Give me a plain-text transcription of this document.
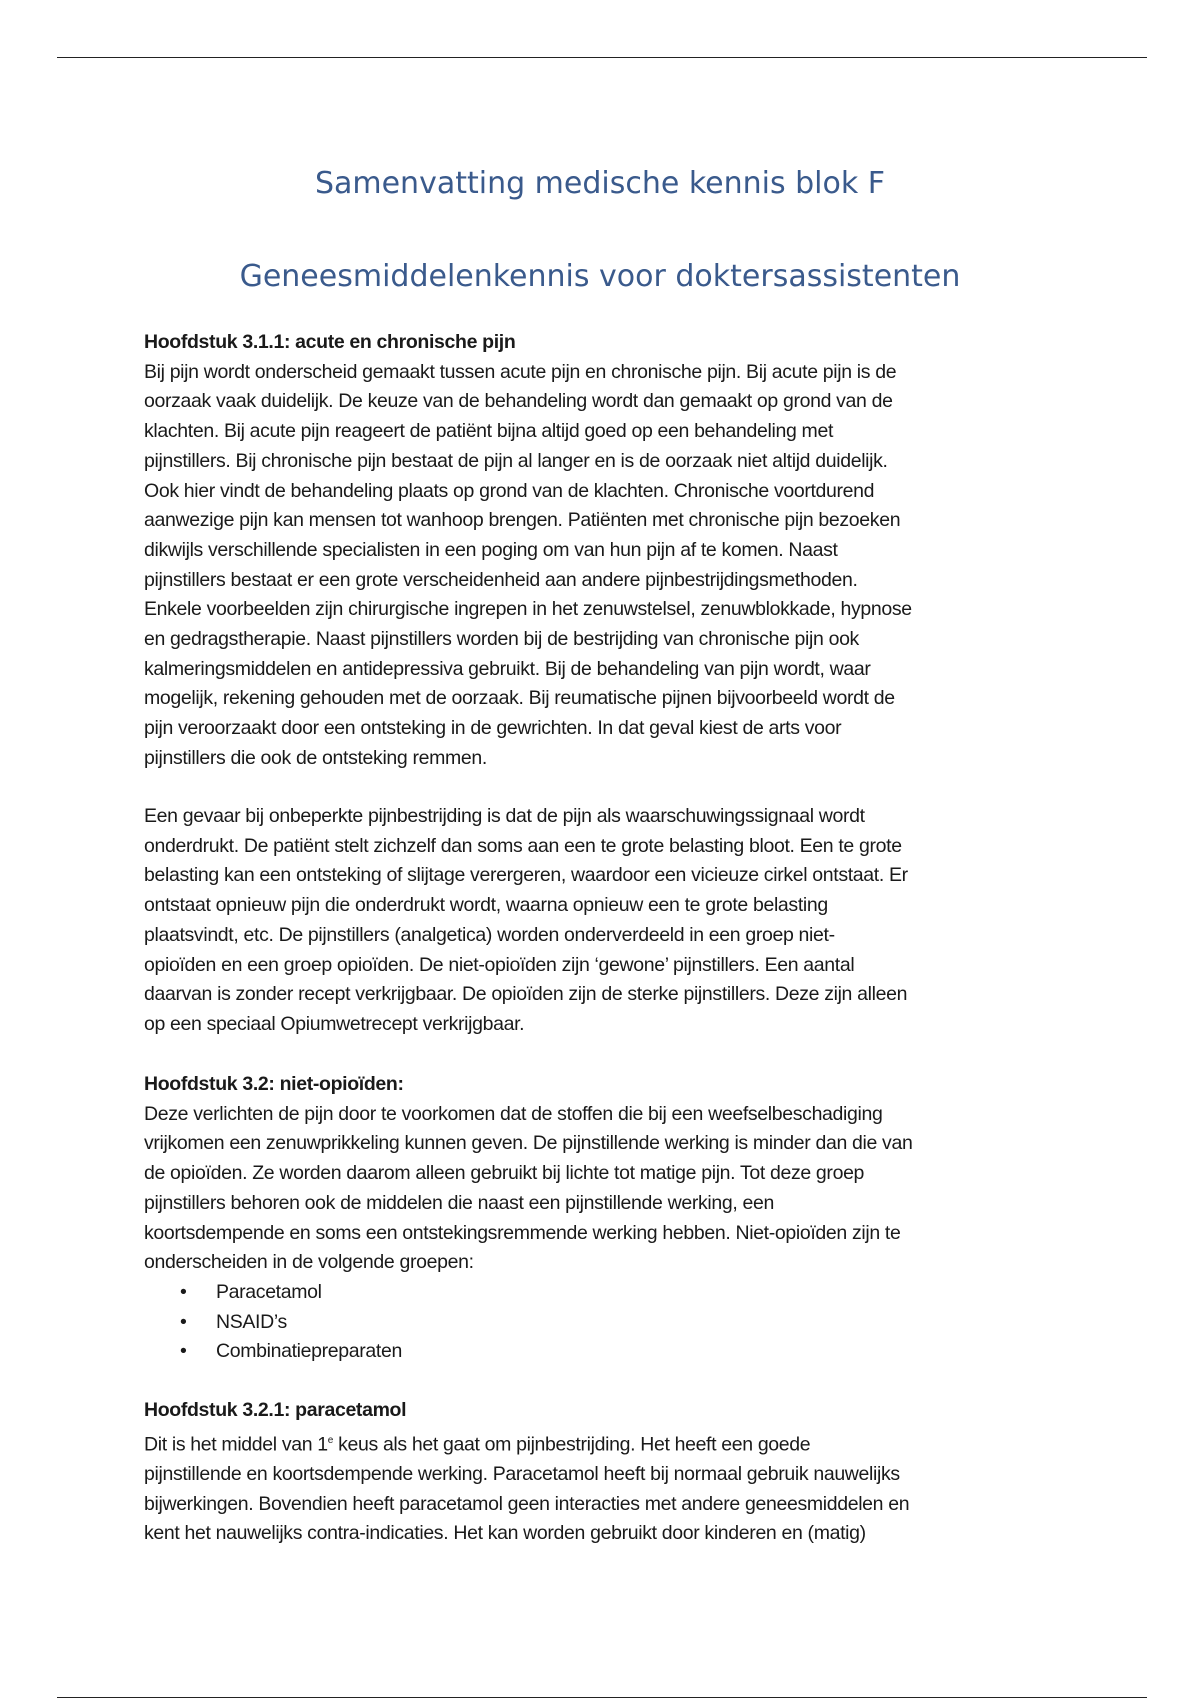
Samenvatting medische kennis blok F
Geneesmiddelenkennis voor doktersassistenten
Hoofdstuk 3.1.1: acute en chronische pijn
Bij pijn wordt onderscheid gemaakt tussen acute pijn en chronische pijn. Bij acute pijn is de
oorzaak vaak duidelijk. De keuze van de behandeling wordt dan gemaakt op grond van de
klachten. Bij acute pijn reageert de patiënt bijna altijd goed op een behandeling met
pijnstillers. Bij chronische pijn bestaat de pijn al langer en is de oorzaak niet altijd duidelijk.
Ook hier vindt de behandeling plaats op grond van de klachten. Chronische voortdurend
aanwezige pijn kan mensen tot wanhoop brengen. Patiënten met chronische pijn bezoeken
dikwijls verschillende specialisten in een poging om van hun pijn af te komen. Naast
pijnstillers bestaat er een grote verscheidenheid aan andere pijnbestrijdingsmethoden.
Enkele voorbeelden zijn chirurgische ingrepen in het zenuwstelsel, zenuwblokkade, hypnose
en gedragstherapie. Naast pijnstillers worden bij de bestrijding van chronische pijn ook
kalmeringsmiddelen en antidepressiva gebruikt. Bij de behandeling van pijn wordt, waar
mogelijk, rekening gehouden met de oorzaak. Bij reumatische pijnen bijvoorbeeld wordt de
pijn veroorzaakt door een ontsteking in de gewrichten. In dat geval kiest de arts voor
pijnstillers die ook de ontsteking remmen.
Een gevaar bij onbeperkte pijnbestrijding is dat de pijn als waarschuwingssignaal wordt
onderdrukt. De patiënt stelt zichzelf dan soms aan een te grote belasting bloot. Een te grote
belasting kan een ontsteking of slijtage verergeren, waardoor een vicieuze cirkel ontstaat. Er
ontstaat opnieuw pijn die onderdrukt wordt, waarna opnieuw een te grote belasting
plaatsvindt, etc. De pijnstillers (analgetica) worden onderverdeeld in een groep niet-
opioïden en een groep opioïden. De niet-opioïden zijn ‘gewone’ pijnstillers. Een aantal
daarvan is zonder recept verkrijgbaar. De opioïden zijn de sterke pijnstillers. Deze zijn alleen
op een speciaal Opiumwetrecept verkrijgbaar.
Hoofdstuk 3.2: niet-opioïden:
Deze verlichten de pijn door te voorkomen dat de stoffen die bij een weefselbeschadiging
vrijkomen een zenuwprikkeling kunnen geven. De pijnstillende werking is minder dan die van
de opioïden. Ze worden daarom alleen gebruikt bij lichte tot matige pijn. Tot deze groep
pijnstillers behoren ook de middelen die naast een pijnstillende werking, een
koortsdempende en soms een ontstekingsremmende werking hebben. Niet-opioïden zijn te
onderscheiden in de volgende groepen:
• Paracetamol
• NSAID’s
• Combinatiepreparaten
Hoofdstuk 3.2.1: paracetamol
Dit is het middel van 1e keus als het gaat om pijnbestrijding. Het heeft een goede
pijnstillende en koortsdempende werking. Paracetamol heeft bij normaal gebruik nauwelijks
bijwerkingen. Bovendien heeft paracetamol geen interacties met andere geneesmiddelen en
kent het nauwelijks contra-indicaties. Het kan worden gebruikt door kinderen en (matig)
